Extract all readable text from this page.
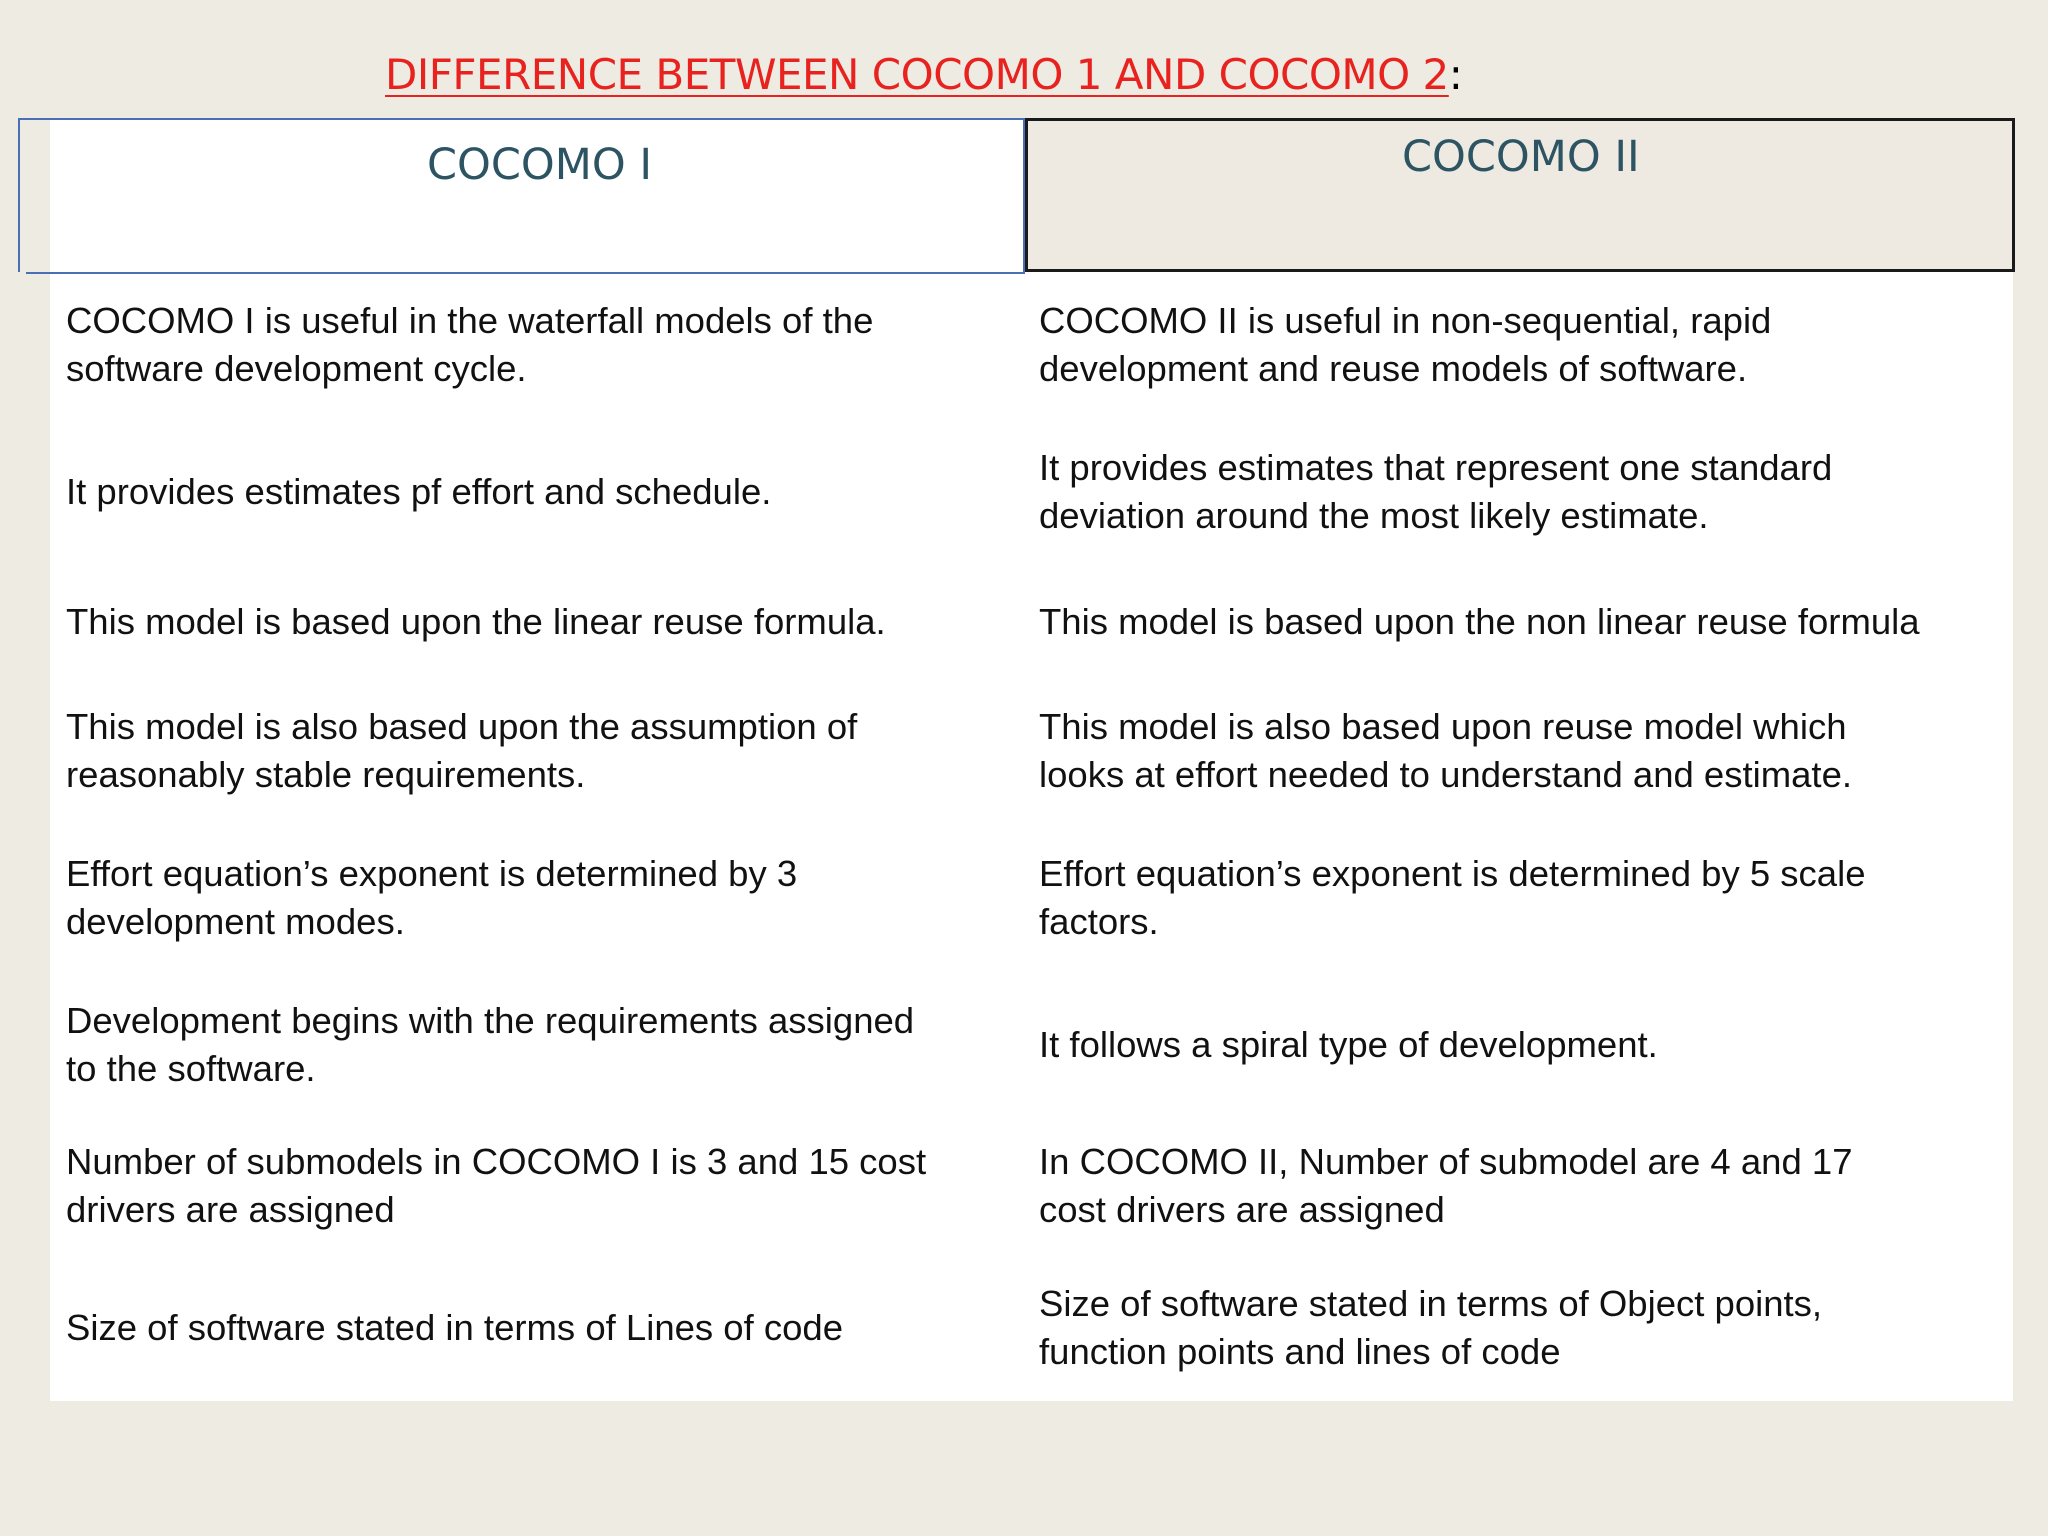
DIFFERENCE BETWEEN COCOMO 1 AND COCOMO 2:
COCOMO I	COCOMO II
COCOMO I is useful in the waterfall models of the
software development cycle.
COCOMO II is useful in non-sequential, rapid
development and reuse models of software.
It provides estimates pf effort and schedule.
It provides estimates that represent one standard
deviation around the most likely estimate.
This model is based upon the linear reuse formula.	This model is based upon the non linear reuse formula
This model is also based upon the assumption of
reasonably stable requirements.
This model is also based upon reuse model which
looks at effort needed to understand and estimate.
Effort equation’s exponent is determined by 3
development modes.
Effort equation’s exponent is determined by 5 scale
factors.
Development begins with the requirements assigned
to the software.
It follows a spiral type of development.
Number of submodels in COCOMO I is 3 and 15 cost
drivers are assigned
In COCOMO II, Number of submodel are 4 and 17
cost drivers are assigned
Size of software stated in terms of Lines of code
Size of software stated in terms of Object points,
function points and lines of code
